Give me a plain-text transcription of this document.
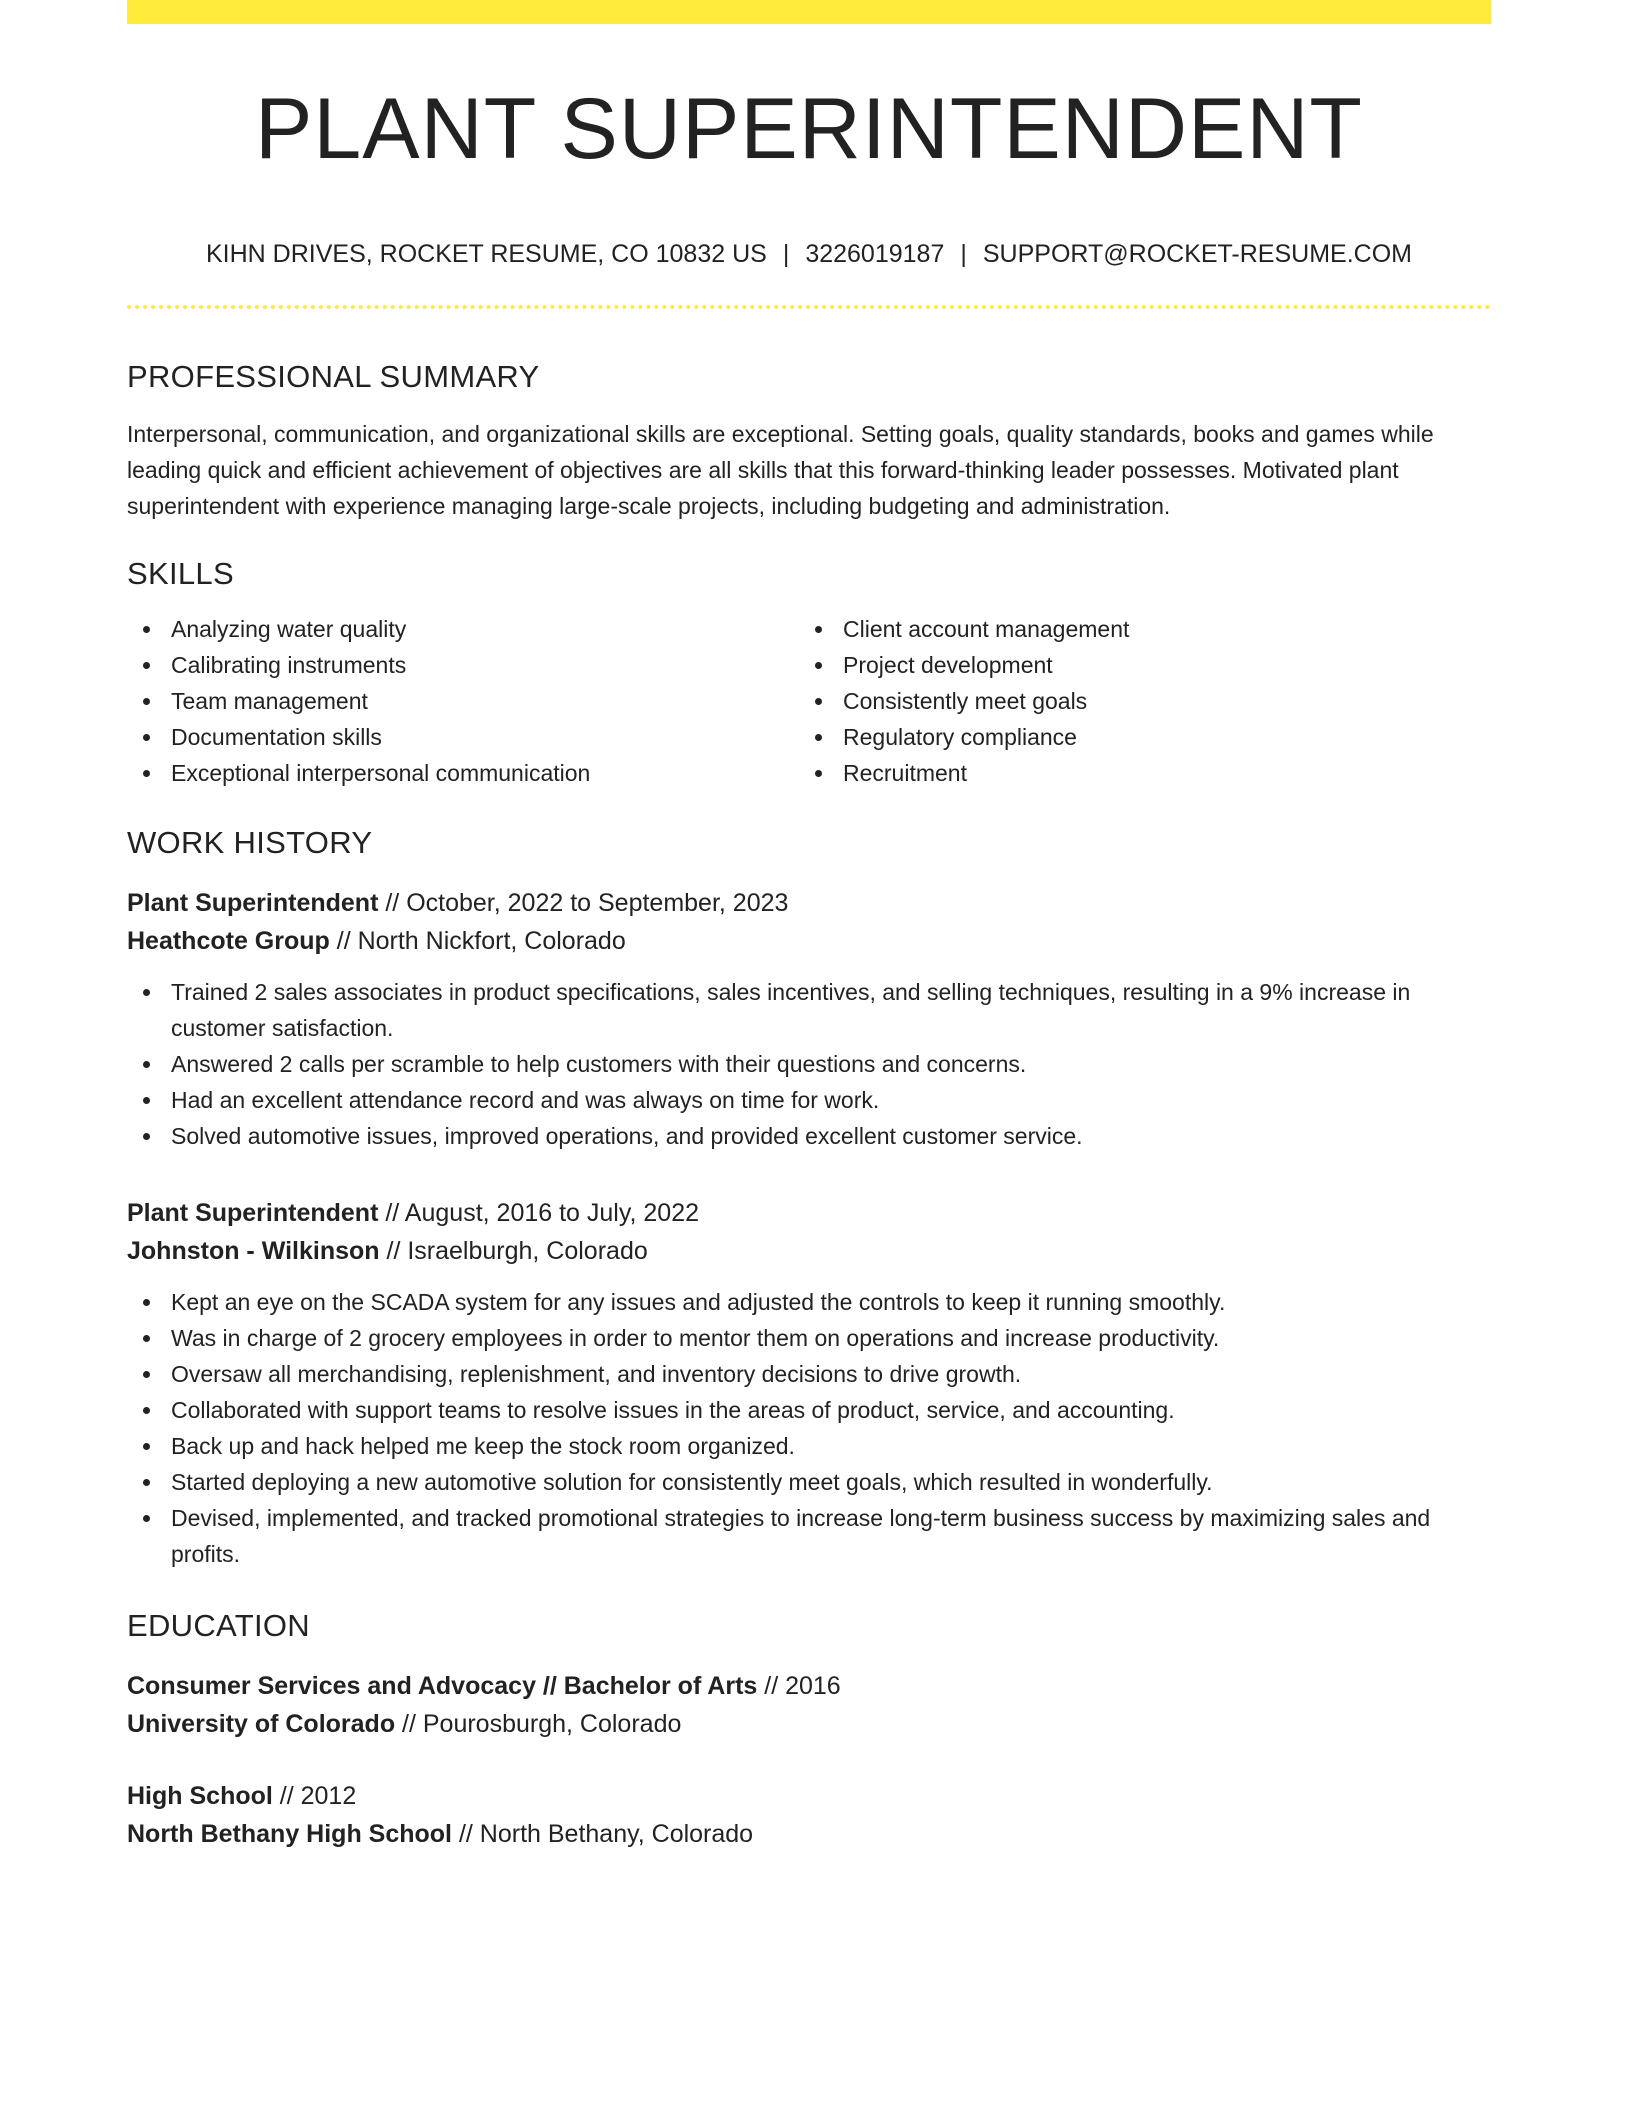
PLANT SUPERINTENDENT
KIHN DRIVES, ROCKET RESUME, CO 10832 US | 3226019187 | SUPPORT@ROCKET-RESUME.COM
PROFESSIONAL SUMMARY
Interpersonal, communication, and organizational skills are exceptional. Setting goals, quality standards, books and games while leading quick and efficient achievement of objectives are all skills that this forward-thinking leader possesses. Motivated plant superintendent with experience managing large-scale projects, including budgeting and administration.
SKILLS
Analyzing water quality
Calibrating instruments
Team management
Documentation skills
Exceptional interpersonal communication
Client account management
Project development
Consistently meet goals
Regulatory compliance
Recruitment
WORK HISTORY
Plant Superintendent // October, 2022 to September, 2023
Heathcote Group // North Nickfort, Colorado
Trained 2 sales associates in product specifications, sales incentives, and selling techniques, resulting in a 9% increase in customer satisfaction.
Answered 2 calls per scramble to help customers with their questions and concerns.
Had an excellent attendance record and was always on time for work.
Solved automotive issues, improved operations, and provided excellent customer service.
Plant Superintendent // August, 2016 to July, 2022
Johnston - Wilkinson // Israelburgh, Colorado
Kept an eye on the SCADA system for any issues and adjusted the controls to keep it running smoothly.
Was in charge of 2 grocery employees in order to mentor them on operations and increase productivity.
Oversaw all merchandising, replenishment, and inventory decisions to drive growth.
Collaborated with support teams to resolve issues in the areas of product, service, and accounting.
Back up and hack helped me keep the stock room organized.
Started deploying a new automotive solution for consistently meet goals, which resulted in wonderfully.
Devised, implemented, and tracked promotional strategies to increase long-term business success by maximizing sales and profits.
EDUCATION
Consumer Services and Advocacy // Bachelor of Arts // 2016
University of Colorado // Pourosburgh, Colorado
High School // 2012
North Bethany High School // North Bethany, Colorado
